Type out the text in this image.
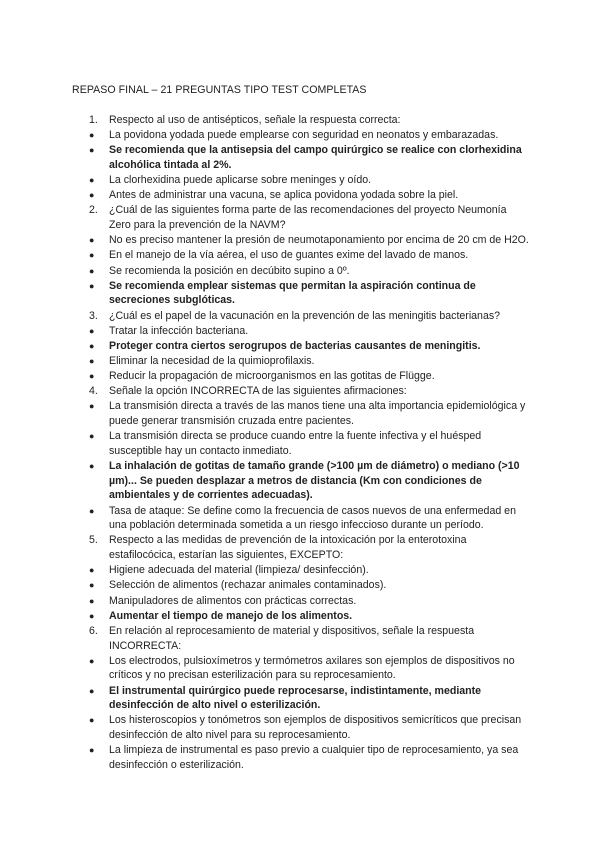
REPASO FINAL – 21 PREGUNTAS TIPO TEST COMPLETAS
1.	Respecto al uso de antisépticos, señale la respuesta correcta:
●	La povidona yodada puede emplearse con seguridad en neonatos y embarazadas.
●	Se recomienda que la antisepsia del campo quirúrgico se realice con clorhexidina alcohólica tintada al 2%.
●	La clorhexidina puede aplicarse sobre meninges y oído.
●	Antes de administrar una vacuna, se aplica povidona yodada sobre la piel.
2.	¿Cuál de las siguientes forma parte de las recomendaciones del proyecto Neumonía Zero para la prevención de la NAVM?
●	No es preciso mantener la presión de neumotaponamiento por encima de 20 cm de H2O.
●	En el manejo de la vía aérea, el uso de guantes exime del lavado de manos.
●	Se recomienda la posición en decúbito supino a 0º.
●	Se recomienda emplear sistemas que permitan la aspiración continua de secreciones subglóticas.
3.	¿Cuál es el papel de la vacunación en la prevención de las meningitis bacterianas?
●	Tratar la infección bacteriana.
●	Proteger contra ciertos serogrupos de bacterias causantes de meningitis.
●	Eliminar la necesidad de la quimioprofilaxis.
●	Reducir la propagación de microorganismos en las gotitas de Flügge.
4.	Señale la opción INCORRECTA de las siguientes afirmaciones:
●	La transmisión directa a través de las manos tiene una alta importancia epidemiológica y puede generar transmisión cruzada entre pacientes.
●	La transmisión directa se produce cuando entre la fuente infectiva y el huésped susceptible hay un contacto inmediato.
●	La inhalación de gotitas de tamaño grande (>100 µm de diámetro) o mediano (>10 µm)... Se pueden desplazar a metros de distancia (Km con condiciones de ambientales y de corrientes adecuadas).
●	Tasa de ataque: Se define como la frecuencia de casos nuevos de una enfermedad en una población determinada sometida a un riesgo infeccioso durante un período.
5.	Respecto a las medidas de prevención de la intoxicación por la enterotoxina estafilocócica, estarían las siguientes, EXCEPTO:
●	Higiene adecuada del material (limpieza/ desinfección).
●	Selección de alimentos (rechazar animales contaminados).
●	Manipuladores de alimentos con prácticas correctas.
●	Aumentar el tiempo de manejo de los alimentos.
6.	En relación al reprocesamiento de material y dispositivos, señale la respuesta INCORRECTA:
●	Los electrodos, pulsioxímetros y termómetros axilares son ejemplos de dispositivos no críticos y no precisan esterilización para su reprocesamiento.
●	El instrumental quirúrgico puede reprocesarse, indistintamente, mediante desinfección de alto nivel o esterilización.
●	Los histeroscopios y tonómetros son ejemplos de dispositivos semicríticos que precisan desinfección de alto nivel para su reprocesamiento.
●	La limpieza de instrumental es paso previo a cualquier tipo de reprocesamiento, ya sea desinfección o esterilización.
